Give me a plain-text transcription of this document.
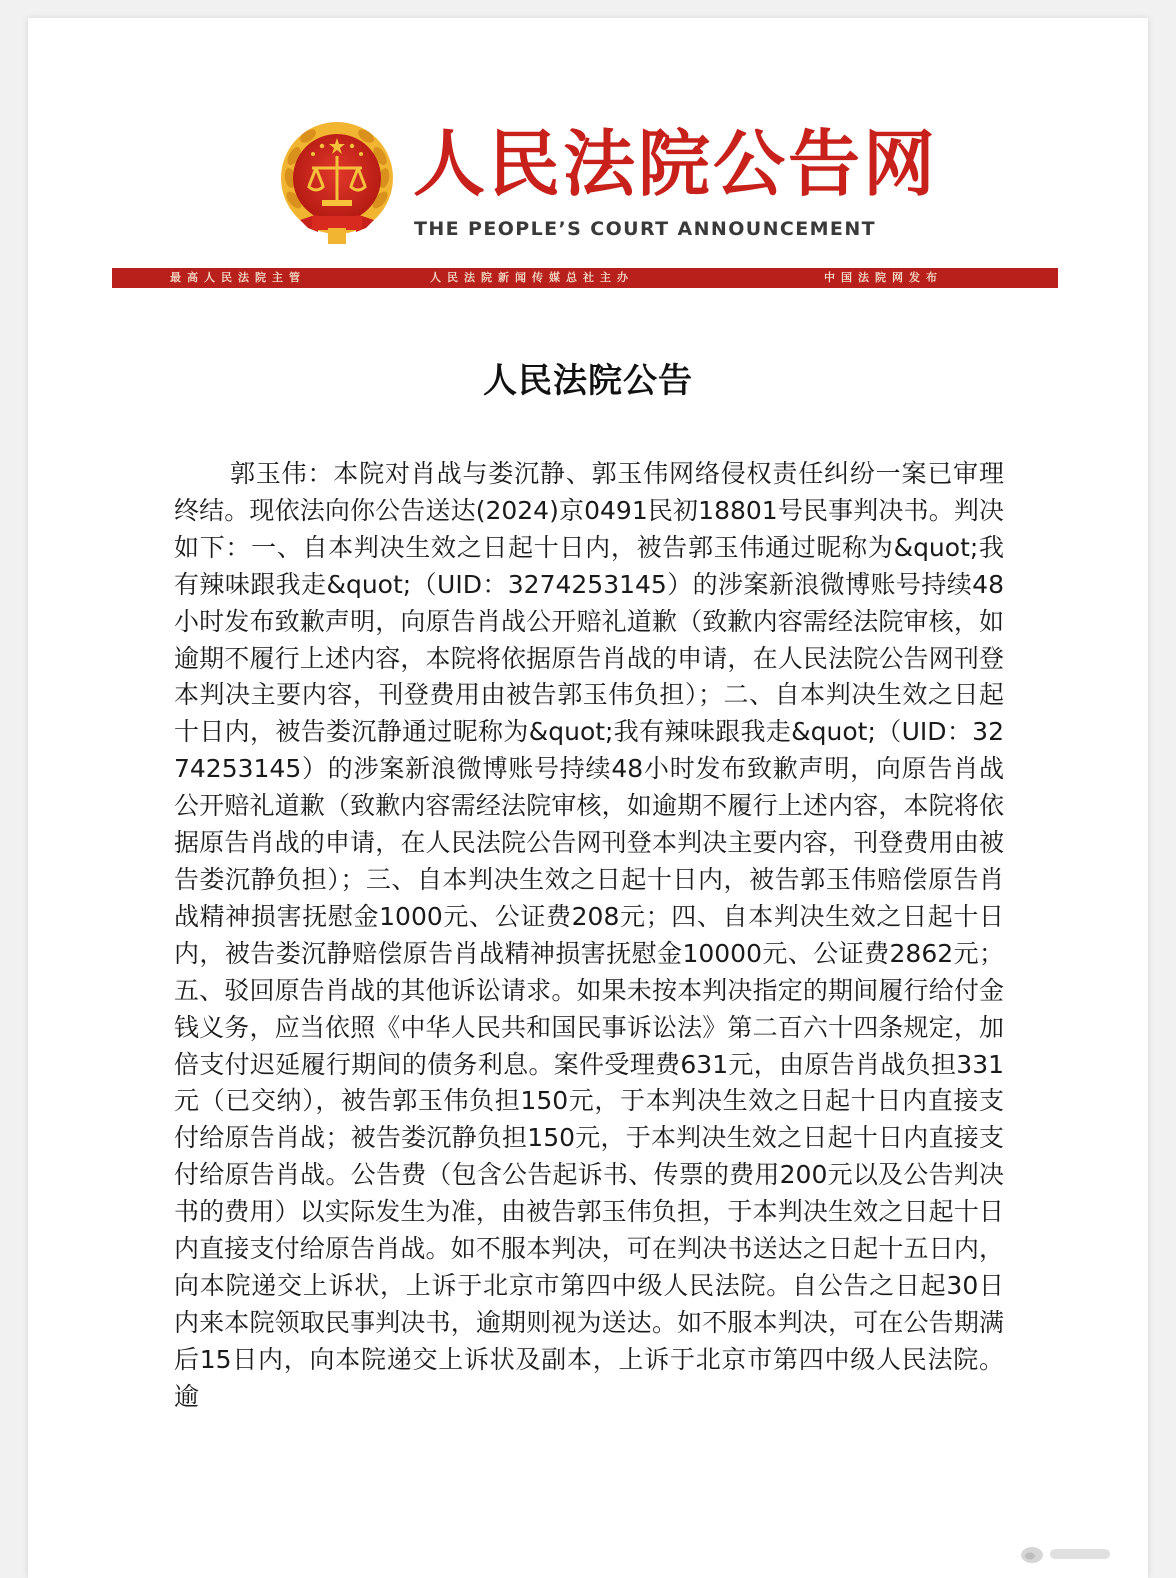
人民法院公告网
THE PEOPLE’S COURT ANNOUNCEMENT
最高人民法院主管	人民法院新闻传媒总社主办	中国法院网发布
人民法院公告
郭玉伟：本院对肖战与娄沉静、郭玉伟网络侵权责任纠纷一案已审理终结。现依法向你公告送达(2024)京0491民初18801号民事判决书。判决如下：一、自本判决生效之日起十日内，被告郭玉伟通过昵称为&quot;我有辣味跟我走&quot;（UID：3274253145）的涉案新浪微博账号持续48小时发布致歉声明，向原告肖战公开赔礼道歉（致歉内容需经法院审核，如逾期不履行上述内容，本院将依据原告肖战的申请，在人民法院公告网刊登本判决主要内容，刊登费用由被告郭玉伟负担）；二、自本判决生效之日起十日内，被告娄沉静通过昵称为&quot;我有辣味跟我走&quot;（UID：3274253145）的涉案新浪微博账号持续48小时发布致歉声明，向原告肖战公开赔礼道歉（致歉内容需经法院审核，如逾期不履行上述内容，本院将依据原告肖战的申请，在人民法院公告网刊登本判决主要内容，刊登费用由被告娄沉静负担）；三、自本判决生效之日起十日内，被告郭玉伟赔偿原告肖战精神损害抚慰金1000元、公证费208元；四、自本判决生效之日起十日内，被告娄沉静赔偿原告肖战精神损害抚慰金10000元、公证费2862元；五、驳回原告肖战的其他诉讼请求。如果未按本判决指定的期间履行给付金钱义务，应当依照《中华人民共和国民事诉讼法》第二百六十四条规定，加倍支付迟延履行期间的债务利息。案件受理费631元，由原告肖战负担331元（已交纳），被告郭玉伟负担150元，于本判决生效之日起十日内直接支付给原告肖战；被告娄沉静负担150元，于本判决生效之日起十日内直接支付给原告肖战。公告费（包含公告起诉书、传票的费用200元以及公告判决书的费用）以实际发生为准，由被告郭玉伟负担，于本判决生效之日起十日内直接支付给原告肖战。如不服本判决，可在判决书送达之日起十五日内，向本院递交上诉状，上诉于北京市第四中级人民法院。自公告之日起30日内来本院领取民事判决书，逾期则视为送达。如不服本判决，可在公告期满后15日内，向本院递交上诉状及副本，上诉于北京市第四中级人民法院。逾
